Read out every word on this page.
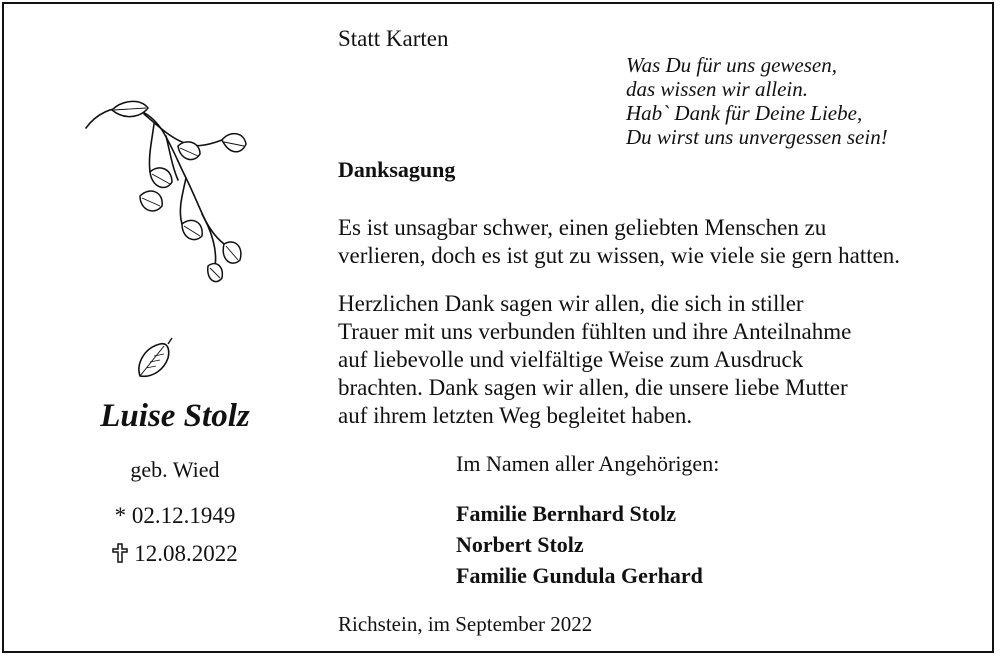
Luise Stolz
geb. Wied
* 02.12.1949
12.08.2022
Statt Karten
Was Du für uns gewesen,
das wissen wir allein.
Hab` Dank für Deine Liebe,
Du wirst uns unvergessen sein!
Danksagung
Es ist unsagbar schwer, einen geliebten Menschen zu
verlieren, doch es ist gut zu wissen, wie viele sie gern hatten.
Herzlichen Dank sagen wir allen, die sich in stiller
Trauer mit uns verbunden fühlten und ihre Anteilnahme
auf liebevolle und vielfältige Weise zum Ausdruck
brachten. Dank sagen wir allen, die unsere liebe Mutter
auf ihrem letzten Weg begleitet haben.
Im Namen aller Angehörigen:
Familie Bernhard Stolz
Norbert Stolz
Familie Gundula Gerhard
Richstein, im September 2022
